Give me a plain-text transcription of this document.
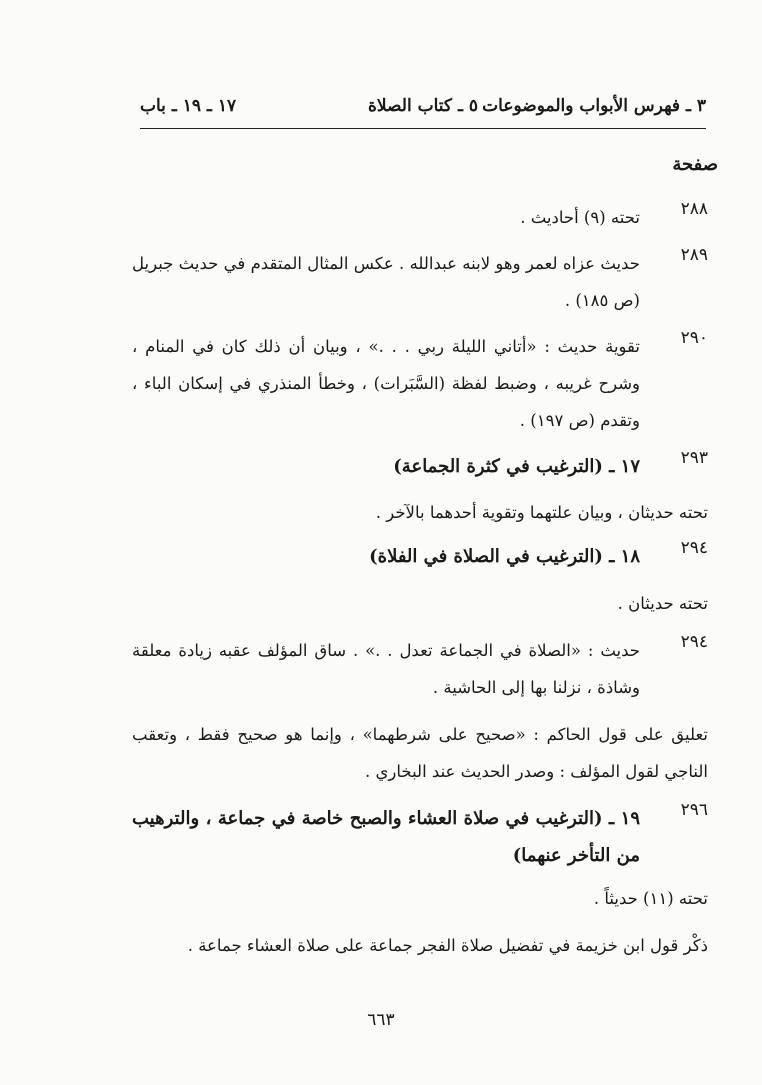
٣ ـ فهرس الأبواب والموضوعات
٥ ـ كتاب الصلاة
١٧ ـ ١٩ ـ باب
صفحة
٢٨٨
تحته (٩) أحاديث .
٢٨٩
حديث عزاه لعمر وهو لابنه عبدالله . عكس المثال المتقدم في حديث جبريل (ص ١٨٥) .
٢٩٠
تقوية حديث : «أتاني الليلة ربي . . .» ، وبيان أن ذلك كان في المنام ، وشرح غريبه ، وضبط لفظة (السَّبَرات) ، وخطأ المنذري في إسكان الباء ، وتقدم (ص ١٩٧) .
٢٩٣
١٧ ـ (الترغيب في كثرة الجماعة)
تحته حديثان ، وبيان علتهما وتقوية أحدهما بالآخر .
٢٩٤
١٨ ـ (الترغيب في الصلاة في الفلاة)
تحته حديثان .
٢٩٤
حديث : «الصلاة في الجماعة تعدل . .» . ساق المؤلف عقبه زيادة معلقة وشاذة ، نزلنا بها إلى الحاشية .
تعليق على قول الحاكم : «صحيح على شرطهما» ، وإنما هو صحيح فقط ، وتعقب الناجي لقول المؤلف : وصدر الحديث عند البخاري .
٢٩٦
١٩ ـ (الترغيب في صلاة العشاء والصبح خاصة في جماعة ، والترهيب من التأخر عنهما)
تحته (١١) حديثاً .
ذكْر قول ابن خزيمة في تفضيل صلاة الفجر جماعة على صلاة العشاء جماعة .
٦٦٣
